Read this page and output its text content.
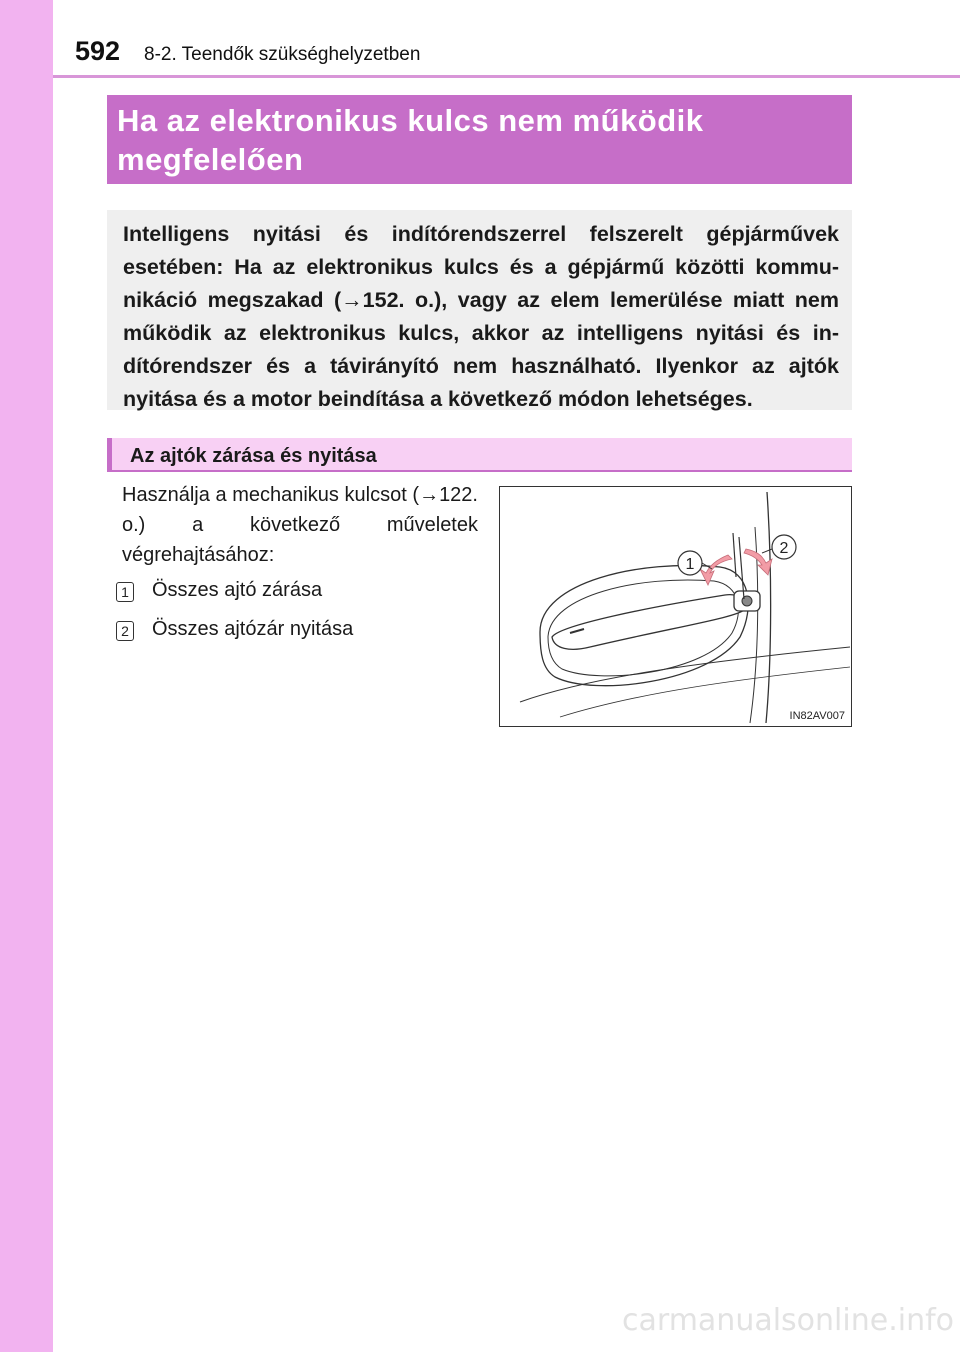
592 8-2. Teendők szükséghelyzetben
Ha az elektronikus kulcs nem működik
megfelelően
Intelligens nyitási és indítórendszerrel felszerelt gépjárművek esetében: Ha az elektronikus kulcs és a gépjármű közötti kommu-nikáció megszakad (→152. o.), vagy az elem lemerülése miatt nem működik az elektronikus kulcs, akkor az intelligens nyitási és in-dítórendszer és a távirányító nem használható. Ilyenkor az ajtók nyitása és a motor beindítása a következő módon lehetséges.
Az ajtók zárása és nyitása
Használja a mechanikus kulcsot (→122. o.) a következő műveletek végrehajtásához:
1 Összes ajtó zárása
2 Összes ajtózár nyitása
1
2
IN82AV007
carmanualsonline.info
